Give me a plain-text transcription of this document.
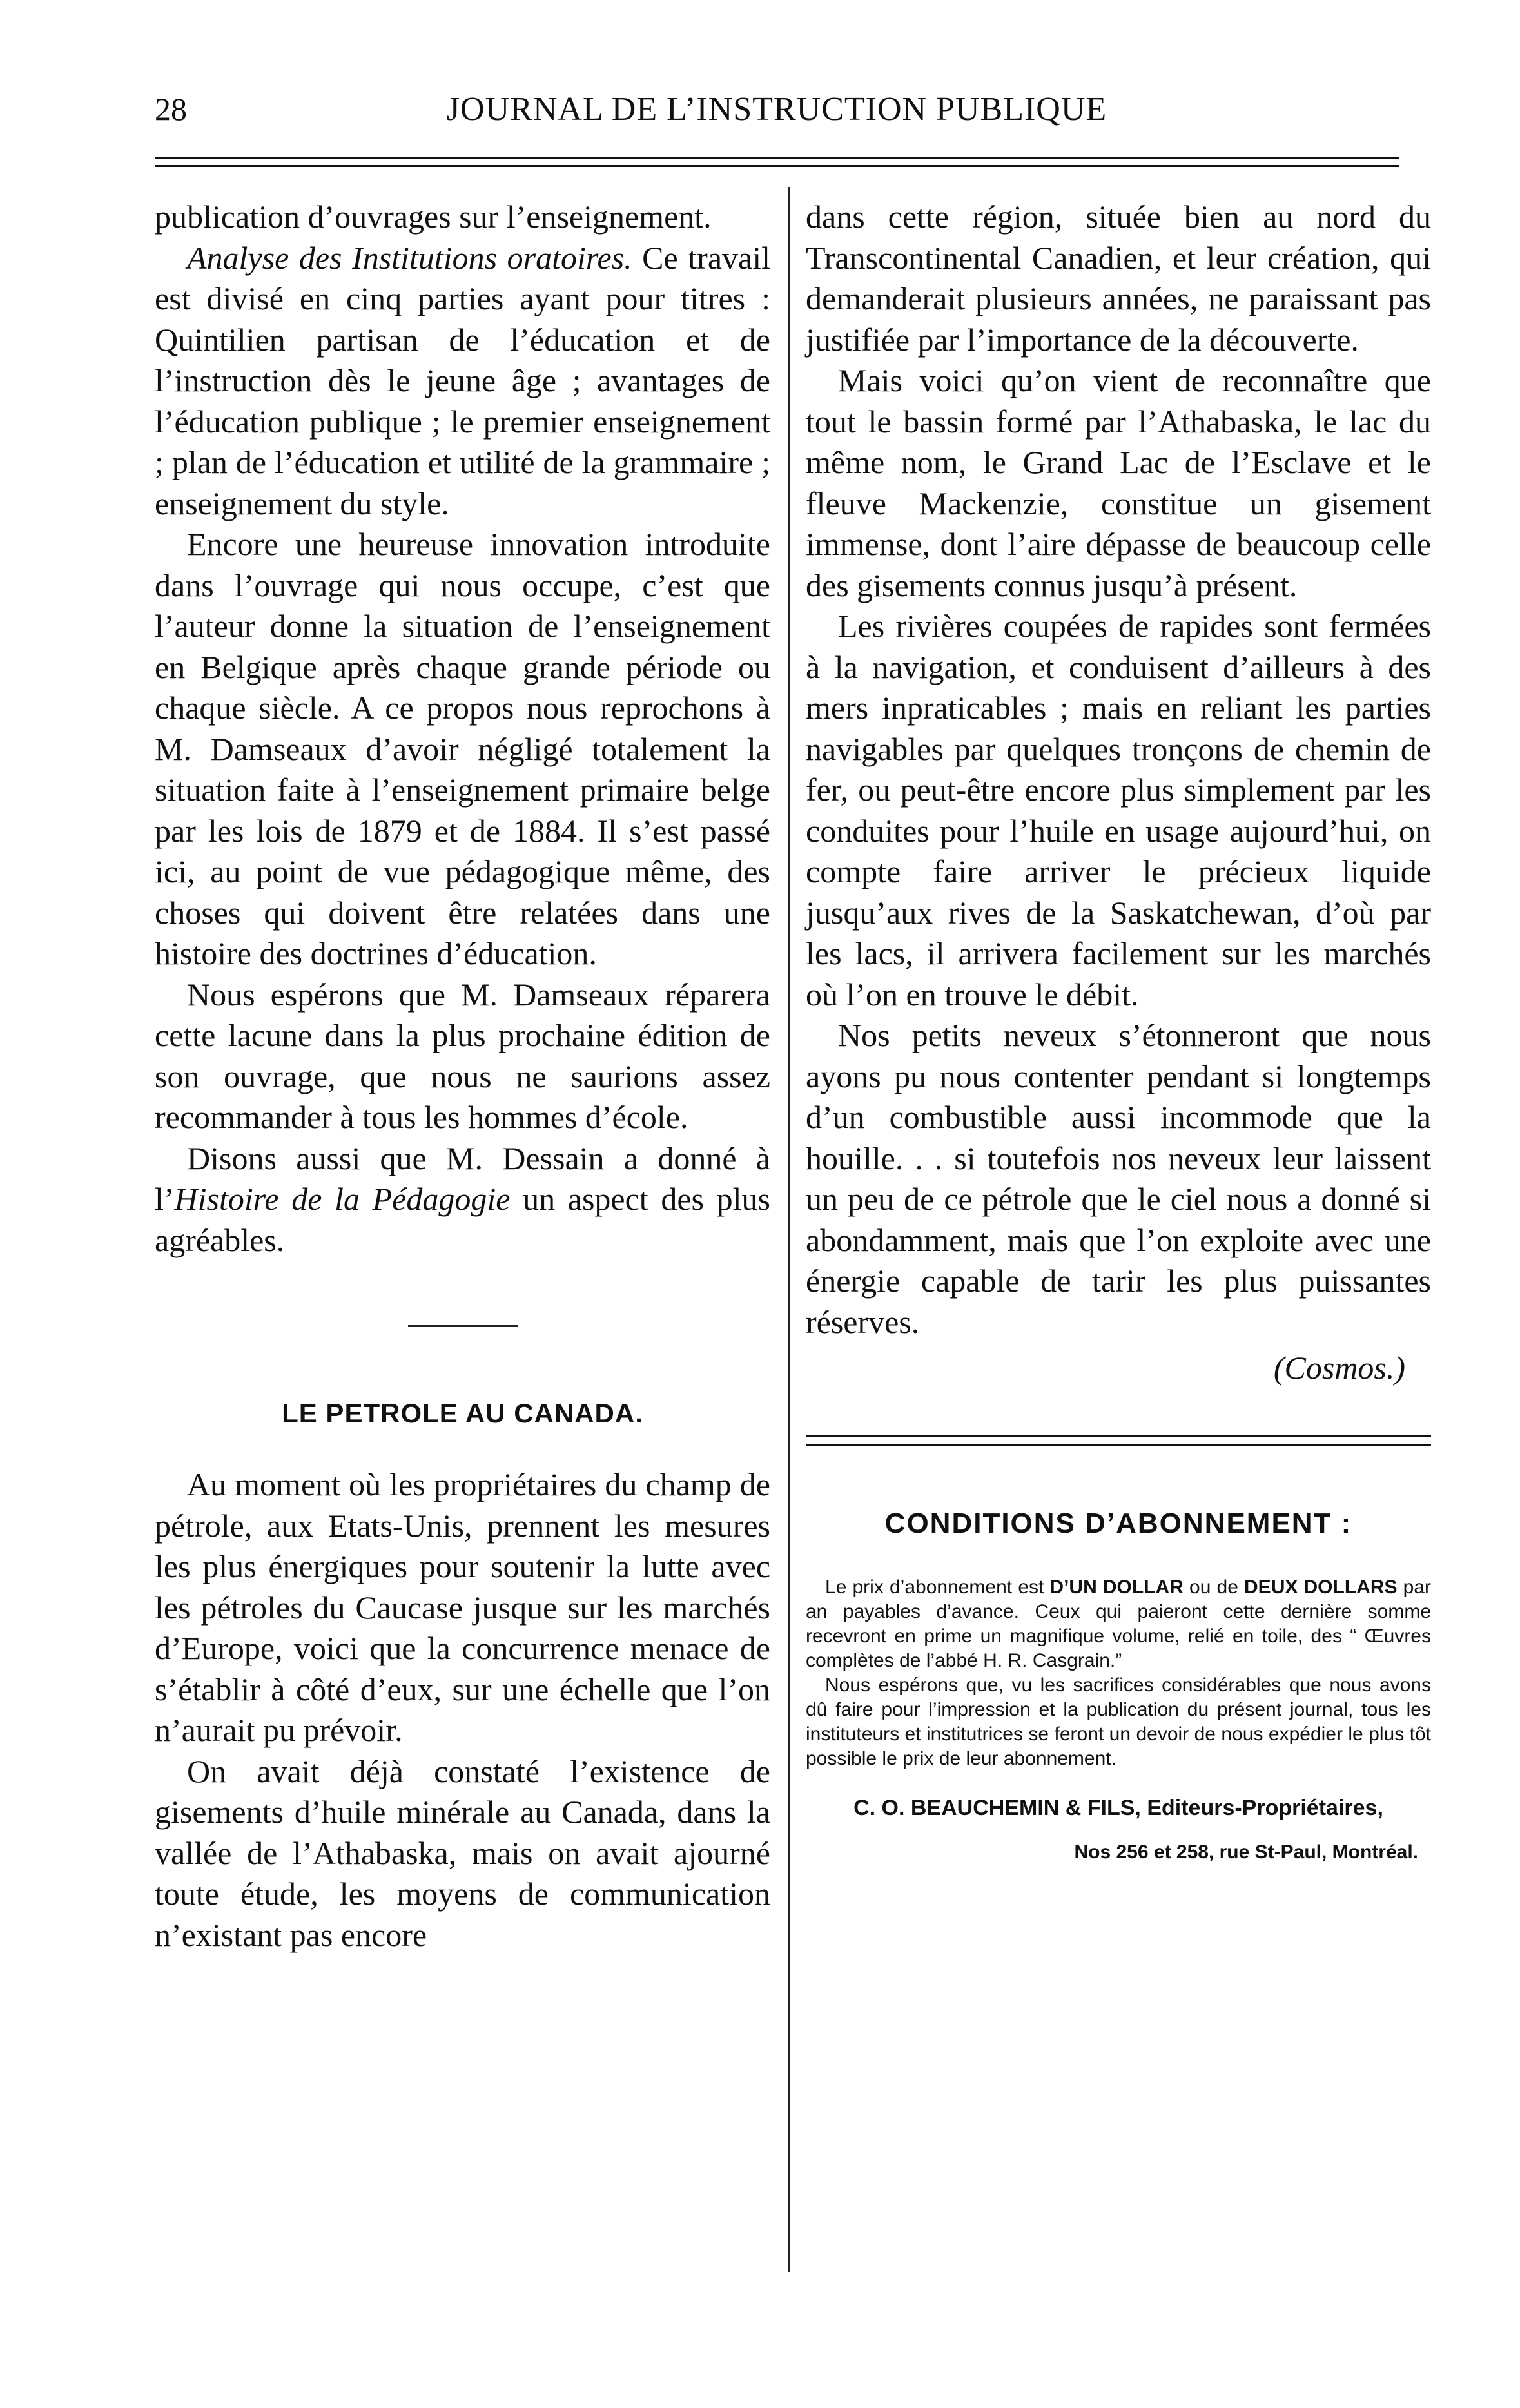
28	JOURNAL DE L’INSTRUCTION PUBLIQUE

publication d’ouvrages sur l’enseignement.

Analyse des Institutions oratoires. Ce travail est divisé en cinq parties ayant pour titres : Quintilien partisan de l’éducation et de l’instruction dès le jeune âge ; avantages de l’éducation publique ; le premier enseignement ; plan de l’éducation et utilité de la grammaire ; enseignement du style.

Encore une heureuse innovation introduite dans l’ouvrage qui nous occupe, c’est que l’auteur donne la situation de l’enseignement en Belgique après chaque grande période ou chaque siècle. A ce propos nous reprochons à M. Damseaux d’avoir négligé totalement la situation faite à l’enseignement primaire belge par les lois de 1879 et de 1884. Il s’est passé ici, au point de vue pédagogique même, des choses qui doivent être relatées dans une histoire des doctrines d’éducation.

Nous espérons que M. Damseaux réparera cette lacune dans la plus prochaine édition de son ouvrage, que nous ne saurions assez recommander à tous les hommes d’école.

Disons aussi que M. Dessain a donné à l’Histoire de la Pédagogie un aspect des plus agréables.

LE PETROLE AU CANADA.

Au moment où les propriétaires du champ de pétrole, aux Etats-Unis, prennent les mesures les plus énergiques pour soutenir la lutte avec les pétroles du Caucase jusque sur les marchés d’Europe, voici que la concurrence menace de s’établir à côté d’eux, sur une échelle que l’on n’aurait pu prévoir.

On avait déjà constaté l’existence de gisements d’huile minérale au Canada, dans la vallée de l’Athabaska, mais on avait ajourné toute étude, les moyens de communication n’existant pas encore

dans cette région, située bien au nord du Transcontinental Canadien, et leur création, qui demanderait plusieurs années, ne paraissant pas justifiée par l’importance de la découverte.

Mais voici qu’on vient de reconnaître que tout le bassin formé par l’Athabaska, le lac du même nom, le Grand Lac de l’Esclave et le fleuve Mackenzie, constitue un gisement immense, dont l’aire dépasse de beaucoup celle des gisements connus jusqu’à présent.

Les rivières coupées de rapides sont fermées à la navigation, et conduisent d’ailleurs à des mers inpraticables ; mais en reliant les parties navigables par quelques tronçons de chemin de fer, ou peut-être encore plus simplement par les conduites pour l’huile en usage aujourd’hui, on compte faire arriver le précieux liquide jusqu’aux rives de la Saskatchewan, d’où par les lacs, il arrivera facilement sur les marchés où l’on en trouve le débit.

Nos petits neveux s’étonneront que nous ayons pu nous contenter pendant si longtemps d’un combustible aussi incommode que la houille. . . si toutefois nos neveux leur laissent un peu de ce pétrole que le ciel nous a donné si abondamment, mais que l’on exploite avec une énergie capable de tarir les plus puissantes réserves.

(Cosmos.)
CONDITIONS D’ABONNEMENT :

Le prix d’abonnement est D’UN DOLLAR ou de DEUX DOLLARS par an payables d’avance. Ceux qui paieront cette dernière somme recevront en prime un magnifique volume, relié en toile, des “ Œuvres complètes de l’abbé H. R. Casgrain.”

Nous espérons que, vu les sacrifices considérables que nous avons dû faire pour l’impression et la publication du présent journal, tous les instituteurs et institutrices se feront un devoir de nous expédier le plus tôt possible le prix de leur abonnement.

C. O. BEAUCHEMIN & FILS, Editeurs-Propriétaires,
Nos 256 et 258, rue St-Paul, Montréal.
